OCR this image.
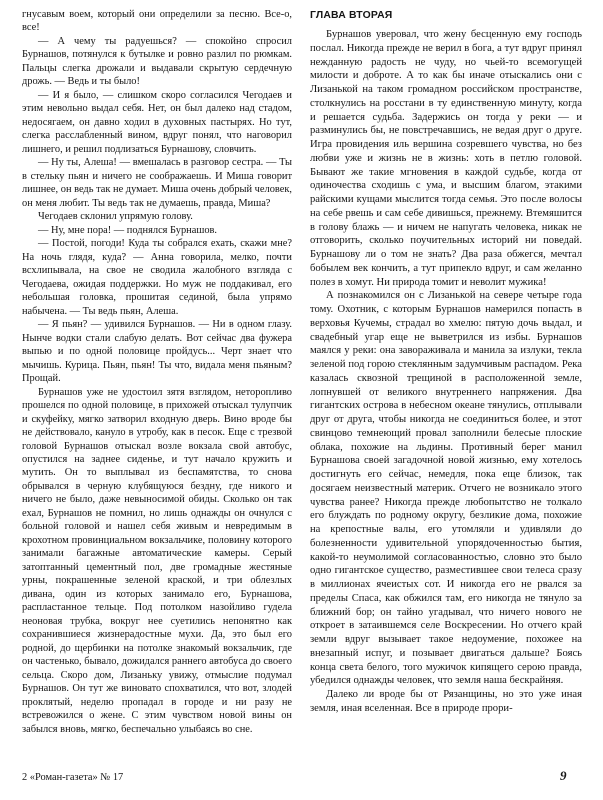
гнусавым воем, который они определили за песню. Все-о, все!

— А чему ты радуешься? — спокойно спросил Бурнашов, потянулся к бутылке и ровно разлил по рюмкам. Пальцы слегка дрожали и выдавали скрытую сердечную дрожь. — Ведь и ты было!

— И я было, — слишком скоро согласился Чегодаев и этим невольно выдал себя. Нет, он был далеко над стадом, недосягаем, он давно ходил в духовных пастырях. Но тут, слегка расслабленный вином, вдруг понял, что наговорил лишнего, и решил подлизаться Бурнашову, словчить.

— Ну ты, Алеша! — вмешалась в разговор сестра. — Ты в стельку пьян и ничего не соображаешь. И Миша говорит лишнее, он ведь так не думает. Миша очень добрый человек, он меня любит. Ты ведь так не думаешь, правда, Миша?

Чегодаев склонил упрямую голову.

— Ну, мне пора! — поднялся Бурнашов.

— Постой, погоди! Куда ты собрался ехать, скажи мне? На ночь глядя, куда? — Анна говорила, мелко, почти всхлипывала, на свое не сводила жалобного взгляда с Чегодаева, ожидая поддержки. Но муж не поддакивал, его небольшая головка, прошитая сединой, была упрямо набычена. — Ты ведь пьян, Алеша.

— Я пьян? — удивился Бурнашов. — Ни в одном глазу. Нынче водки стали слабую делать. Вот сейчас два фужера выпью и по одной половице пройдусь... Черт знает что мычишь. Курица. Пьян, пьян! Ты что, видала меня пьяным? Прощай.

Бурнашов уже не удостоил зятя взглядом, неторопливо прошелся по одной половице, в прихожей отыскал тулупчик и скуфейку, мягко затворил входную дверь. Вино вроде бы не действовало, кануло в утробу, как в песок. Еще с трезвой головой Бурнашов отыскал возле вокзала свой автобус, опустился на заднее сиденье, и тут начало кружить и мутить. Он то выплывал из беспамятства, то снова обрывался в черную клубящуюся бездну, где никого и ничего не было, даже невыносимой обиды. Сколько он так ехал, Бурнашов не помнил, но лишь однажды он очнулся с больной головой и нашел себя живым и невредимым в крохотном провинциальном вокзальчике, половину которого занимали багажные автоматические камеры. Серый затоптанный цементный пол, две громадные жестяные урны, покрашенные зеленой краской, и три облезлых дивана, один из которых занимало его, Бурнашова, распластанное тельце. Под потолком назойливо гудела неоновая трубка, вокруг нее суетились непонятно как сохранившиеся жизнерадостные мухи. Да, это был его родной, до щербинки на потолке знакомый вокзальчик, где он частенько, бывало, дожидался раннего автобуса до своего сельца. Скоро дом, Лизаньку увижу, отмыслие подумал Бурнашов. Он тут же виновато спохватился, что вот, злодей проклятый, неделю пропадал в городе и ни разу не встревожился о жене. С этим чувством новой вины он забылся вновь, мягко, беспечально улыбаясь во сне.

ГЛАВА ВТОРАЯ

Бурнашов уверовал, что жену бесценную ему господь послал. Никогда прежде не верил в бога, а тут вдруг принял нежданную радость не чуду, но чьей-то всемогущей милости и доброте. А то как бы иначе отыскались они с Лизанькой на таком громадном российском пространстве, столкнулись на росстани в ту единственную минуту, когда и решается судьба. Задержись он тогда у реки — и разминулись бы, не повстречавшись, не ведая друг о друге. Игра провидения иль вершина созревшего чувства, но без любви уже и жизнь не в жизнь: хоть в петлю головой. Бывают же такие мгновения в каждой судьбе, когда от одиночества сходишь с ума, и высшим благом, этакими райскими кущами мыслится тогда семья. Это после волосы на себе рвешь и сам себе дивишься, прежнему. Втемяшится в голову блажь — и ничем не напугать человека, никак не отговорить, сколько поучительных историй ни поведай. Бурнашову ли о том не знать? Два раза обжегся, мечтал бобылем век кончить, а тут припекло вдруг, и сам желанно полез в хомут. Ни природа томит и неволит мужика!

А познакомился он с Лизанькой на севере четыре года тому. Охотник, с которым Бурнашов намерился попасть в верховья Кучемы, страдал во хмелю: пятую дочь выдал, и свадебный угар еще не выветрился из избы. Бурнашов маялся у реки: она завораживала и манила за излуки, текла зеленой под горою стеклянным задумчивым распадом. Река казалась сквозной трещиной в расположенной земле, лопнувшей от великого внутреннего напряжения. Два гигантских острова в небесном океане тянулись, отплывали друг от друга, чтобы никогда не соединиться более, и этот свинцово темнеющий провал заполнили белесые плоские облака, похожие на льдины. Противный берег манил Бурнашова своей загадочной новой жизнью, ему хотелось достигнуть его сейчас, немедля, пока еще близок, так досягаем неизвестный материк. Отчего не возникало этого чувства ранее? Никогда прежде любопытство не толкало его блуждать по родному округу, безликие дома, похожие на крепостные валы, его утомляли и удивляли до болезненности удивительной упорядоченностью бытия, какой-то неумолимой согласованностью, словно это было одно гигантское существо, разместившее свои телеса сразу в миллионах ячеистых сот. И никогда его не рвался за пределы Спаса, как обжился там, его никогда не тянуло за ближний бор; он тайно угадывал, что ничего нового не откроет в затаившемся селе Воскресении. Но отчего край земли вдруг вызывает такое недоумение, похожее на внезапный испуг, и позывает двигаться дальше? Боясь конца света белого, того мужичок кипящего серою правда, убедился однажды человек, что земля наша бескрайняя.

Далеко ли вроде бы от Рязанщины, но это уже иная земля, иная вселенная. Все в природе прори-

2 «Роман-газета» № 17	9
